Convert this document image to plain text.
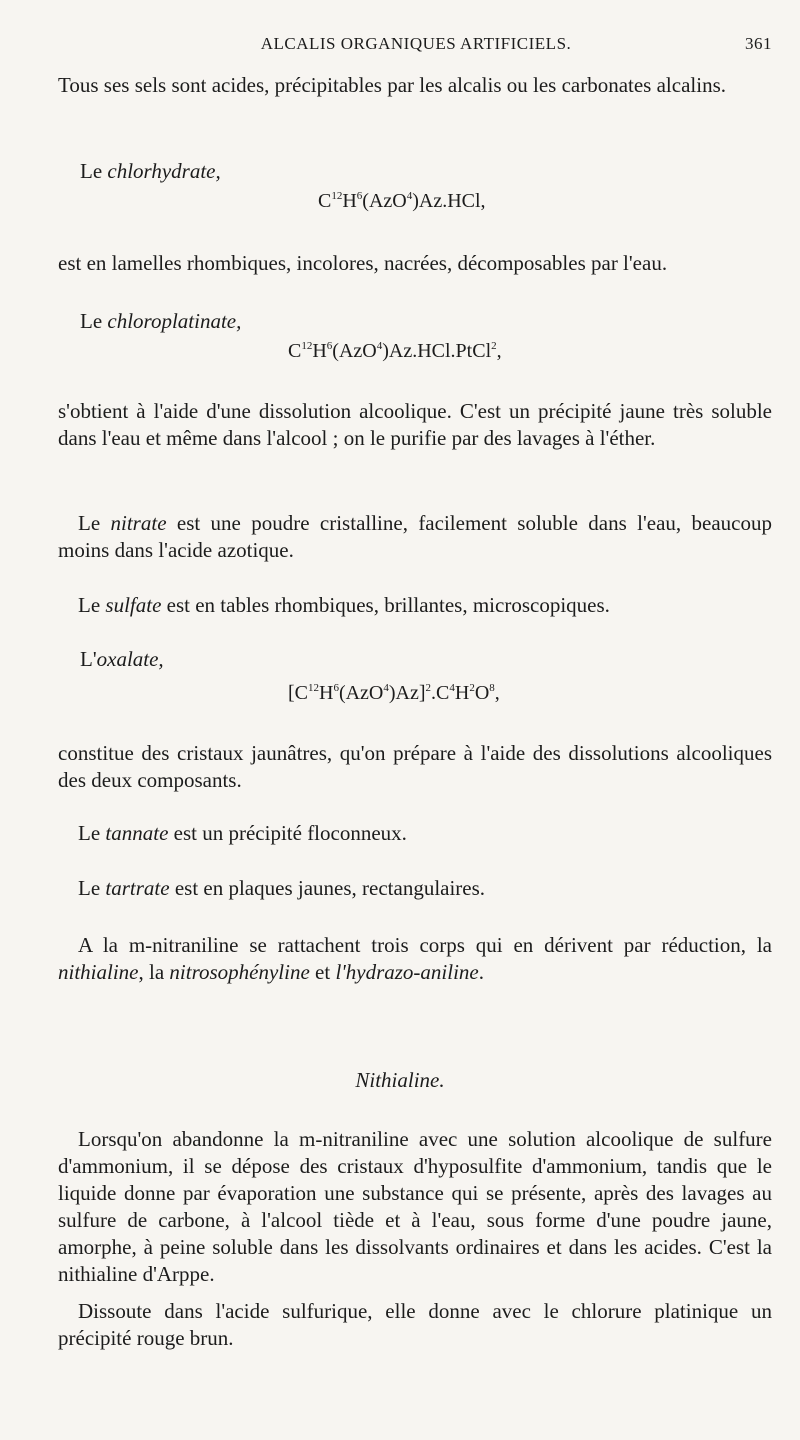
ALCALIS ORGANIQUES ARTIFICIELS.	361
Tous ses sels sont acides, précipitables par les alcalis ou les carbonates alcalins.
Le chlorhydrate,
$C^{12}H^6(AzO^4)Az.HCl$,
est en lamelles rhombiques, incolores, nacrées, décomposables par l'eau.
Le chloroplatinate,
$C^{12}H^6(AzO^4)Az.HCl.PtCl^2$,
s'obtient à l'aide d'une dissolution alcoolique. C'est un précipité jaune très soluble dans l'eau et même dans l'alcool ; on le purifie par des lavages à l'éther.
Le nitrate est une poudre cristalline, facilement soluble dans l'eau, beaucoup moins dans l'acide azotique.
Le sulfate est en tables rhombiques, brillantes, microscopiques.
L'oxalate,
$[C^{12}H^6(AzO^4)Az]^2.C^4H^2O^8$,
constitue des cristaux jaunâtres, qu'on prépare à l'aide des dissolutions alcooliques des deux composants.
Le tannate est un précipité floconneux.
Le tartrate est en plaques jaunes, rectangulaires.
A la m-nitraniline se rattachent trois corps qui en dérivent par réduction, la nithialine, la nitrosophényline et l'hydrazo-aniline.
Nithialine.
Lorsqu'on abandonne la m-nitraniline avec une solution alcoolique de sulfure d'ammonium, il se dépose des cristaux d'hyposulfite d'ammonium, tandis que le liquide donne par évaporation une substance qui se présente, après des lavages au sulfure de carbone, à l'alcool tiède et à l'eau, sous forme d'une poudre jaune, amorphe, à peine soluble dans les dissolvants ordinaires et dans les acides. C'est la nithialine d'Arppe.
Dissoute dans l'acide sulfurique, elle donne avec le chlorure platinique un précipité rouge brun.
